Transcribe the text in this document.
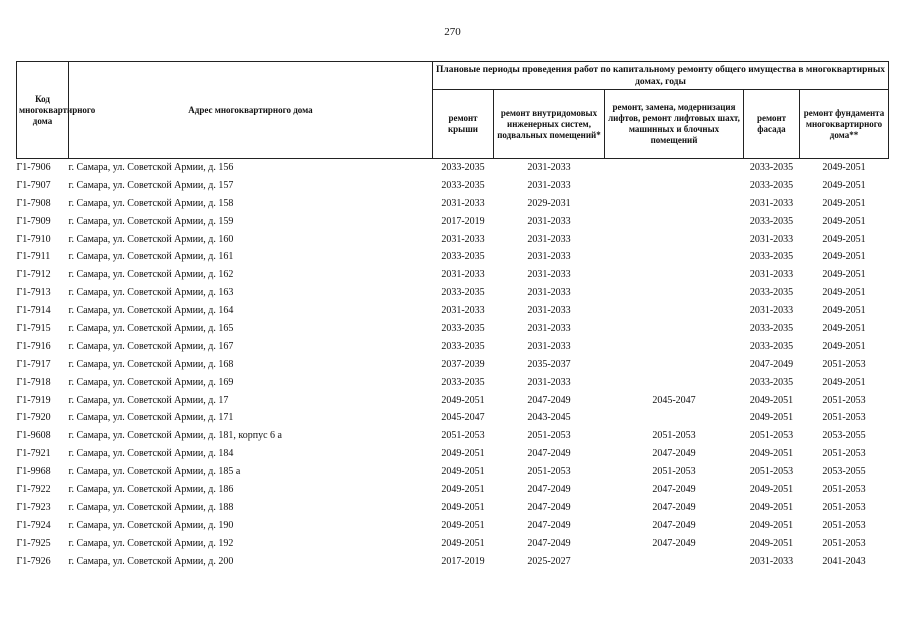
270
Код многоквартирного дома	Адрес многоквартирного дома	Плановые периоды проведения работ по капитальному ремонту общего имущества в многоквартирных домах, годы				
		ремонт крыши	ремонт внутридомовых инженерных систем, подвальных помещений*	ремонт, замена, модернизация лифтов, ремонт лифтовых шахт, машинных и блочных помещений	ремонт фасада	ремонт фундамента многоквартирного дома**
Г1-7906	г. Самара, ул. Советской Армии, д. 156	2033-2035	2031-2033		2033-2035	2049-2051
Г1-7907	г. Самара, ул. Советской Армии, д. 157	2033-2035	2031-2033		2033-2035	2049-2051
Г1-7908	г. Самара, ул. Советской Армии, д. 158	2031-2033	2029-2031		2031-2033	2049-2051
Г1-7909	г. Самара, ул. Советской Армии, д. 159	2017-2019	2031-2033		2033-2035	2049-2051
Г1-7910	г. Самара, ул. Советской Армии, д. 160	2031-2033	2031-2033		2031-2033	2049-2051
Г1-7911	г. Самара, ул. Советской Армии, д. 161	2033-2035	2031-2033		2033-2035	2049-2051
Г1-7912	г. Самара, ул. Советской Армии, д. 162	2031-2033	2031-2033		2031-2033	2049-2051
Г1-7913	г. Самара, ул. Советской Армии, д. 163	2033-2035	2031-2033		2033-2035	2049-2051
Г1-7914	г. Самара, ул. Советской Армии, д. 164	2031-2033	2031-2033		2031-2033	2049-2051
Г1-7915	г. Самара, ул. Советской Армии, д. 165	2033-2035	2031-2033		2033-2035	2049-2051
Г1-7916	г. Самара, ул. Советской Армии, д. 167	2033-2035	2031-2033		2033-2035	2049-2051
Г1-7917	г. Самара, ул. Советской Армии, д. 168	2037-2039	2035-2037		2047-2049	2051-2053
Г1-7918	г. Самара, ул. Советской Армии, д. 169	2033-2035	2031-2033		2033-2035	2049-2051
Г1-7919	г. Самара, ул. Советской Армии, д. 17	2049-2051	2047-2049	2045-2047	2049-2051	2051-2053
Г1-7920	г. Самара, ул. Советской Армии, д. 171	2045-2047	2043-2045		2049-2051	2051-2053
Г1-9608	г. Самара, ул. Советской Армии, д. 181, корпус 6 а	2051-2053	2051-2053	2051-2053	2051-2053	2053-2055
Г1-7921	г. Самара, ул. Советской Армии, д. 184	2049-2051	2047-2049	2047-2049	2049-2051	2051-2053
Г1-9968	г. Самара, ул. Советской Армии, д. 185 а	2049-2051	2051-2053	2051-2053	2051-2053	2053-2055
Г1-7922	г. Самара, ул. Советской Армии, д. 186	2049-2051	2047-2049	2047-2049	2049-2051	2051-2053
Г1-7923	г. Самара, ул. Советской Армии, д. 188	2049-2051	2047-2049	2047-2049	2049-2051	2051-2053
Г1-7924	г. Самара, ул. Советской Армии, д. 190	2049-2051	2047-2049	2047-2049	2049-2051	2051-2053
Г1-7925	г. Самара, ул. Советской Армии, д. 192	2049-2051	2047-2049	2047-2049	2049-2051	2051-2053
Г1-7926	г. Самара, ул. Советской Армии, д. 200	2017-2019	2025-2027		2031-2033	2041-2043
